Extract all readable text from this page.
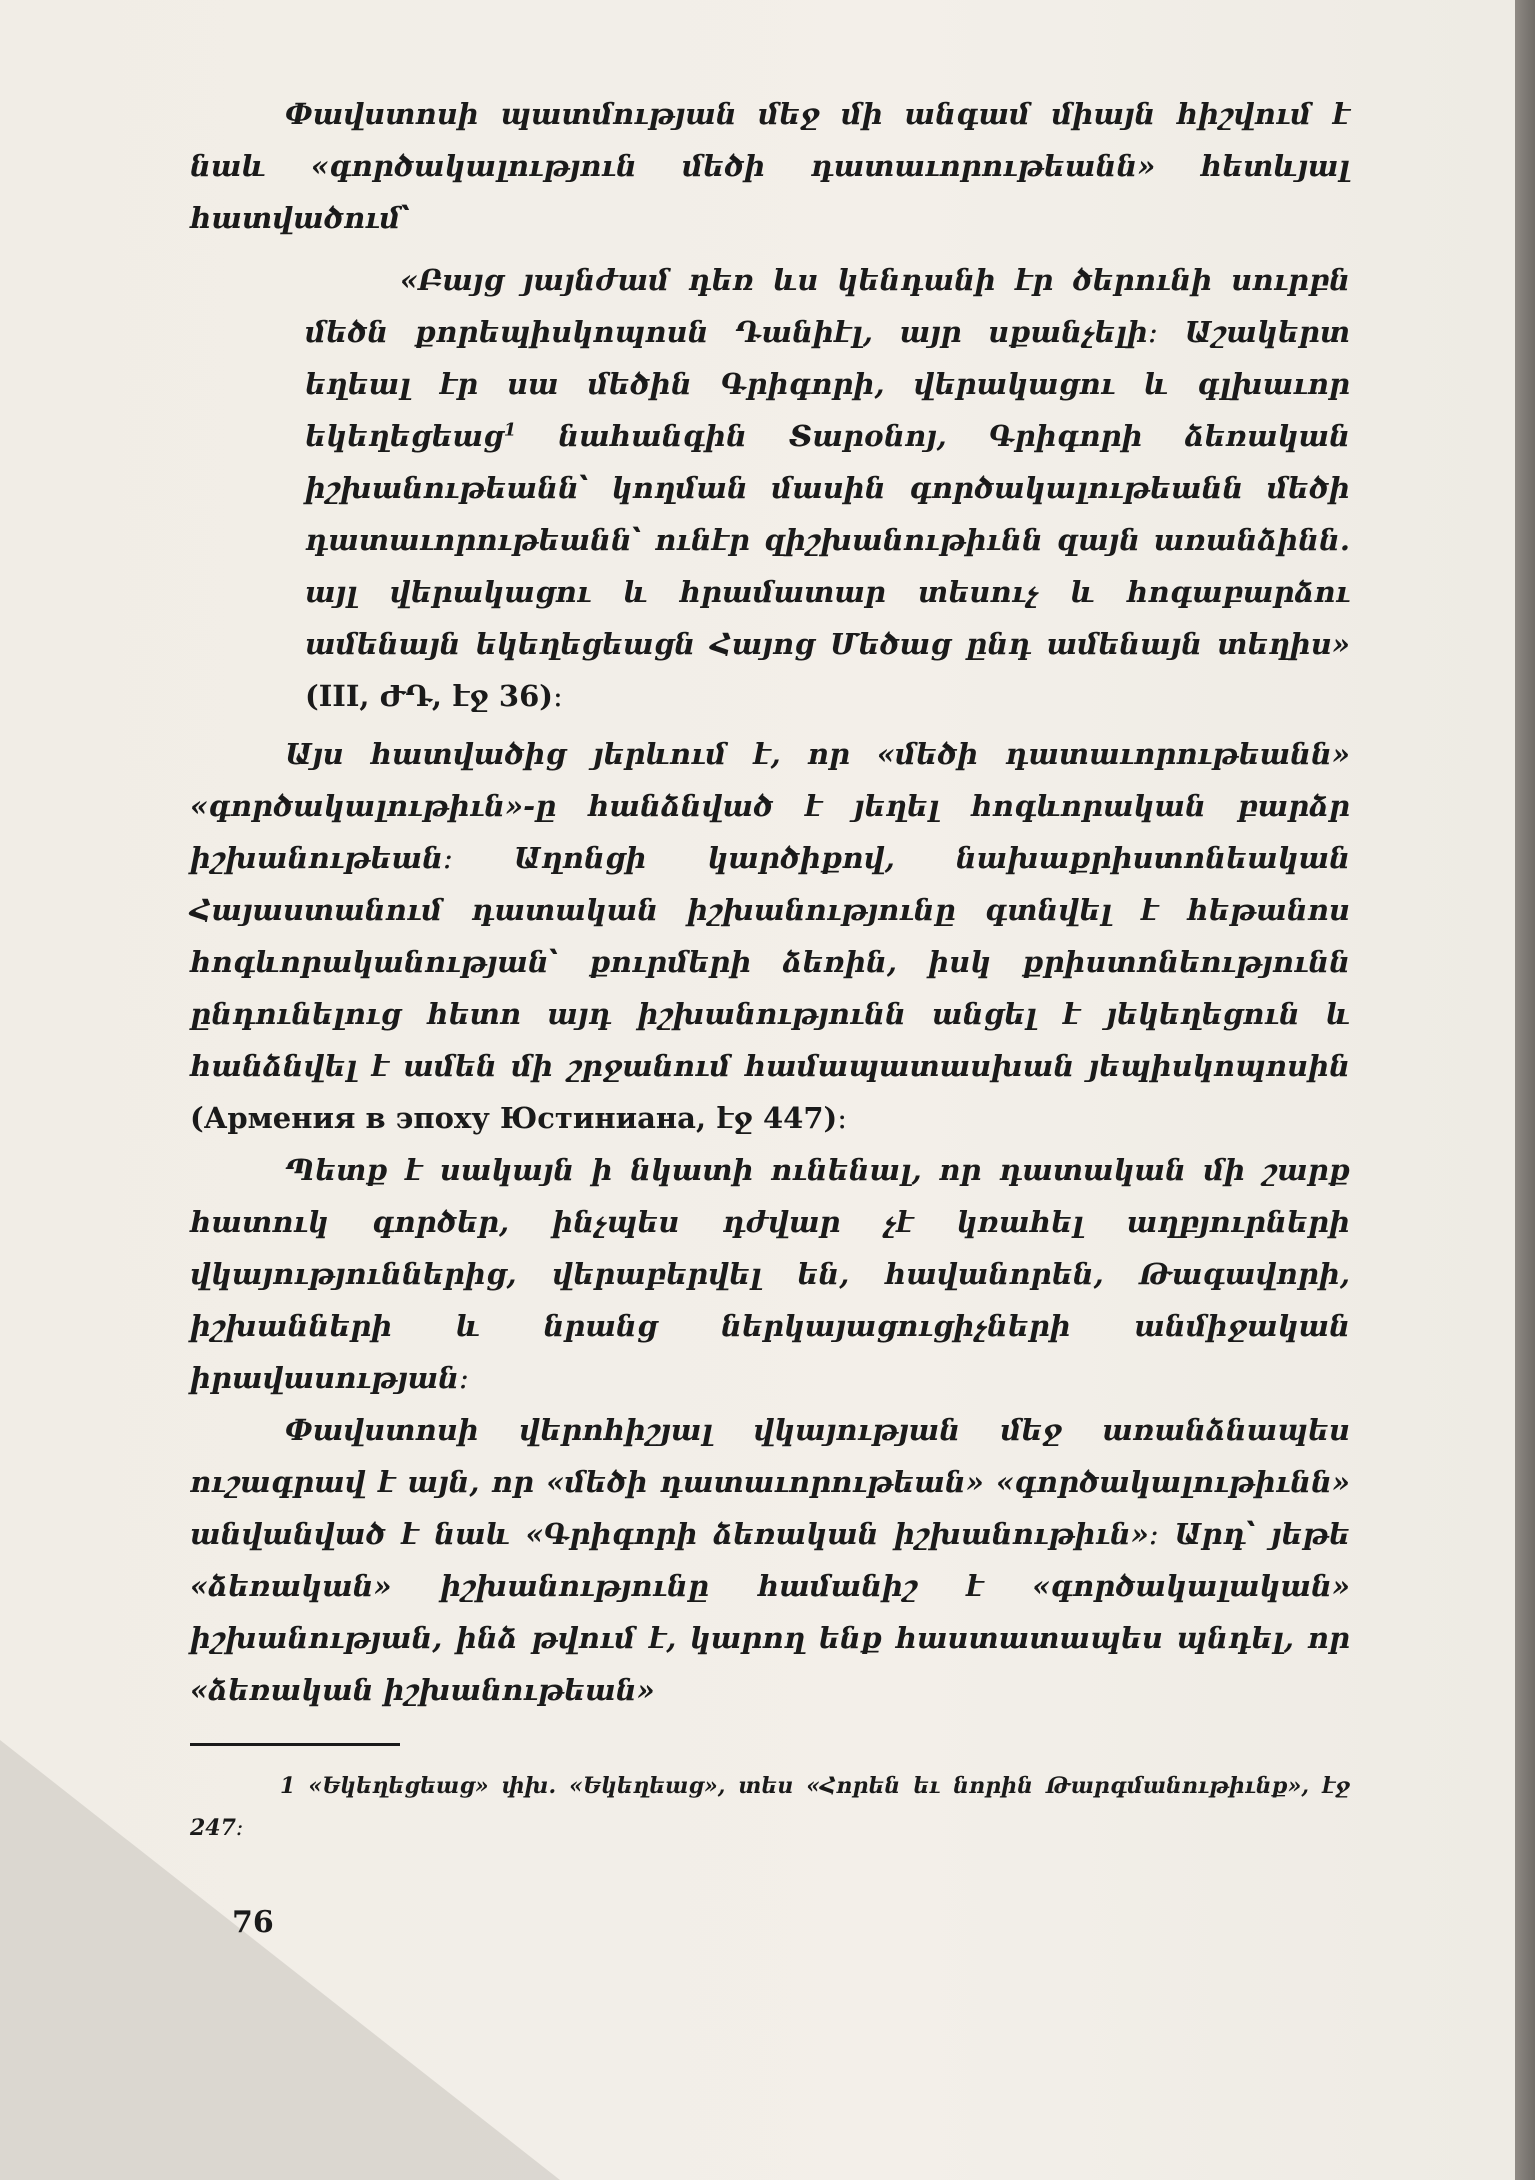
Փավստոսի պատմության մեջ մի անգամ միայն հիշվում է նաև «գործակալություն մեծի դատաւորութեանն» հետևյալ հատվածում՝

«Բայց յայնժամ դեռ ևս կենդանի էր ծերունի սուրբն մեծն քորեպիսկոպոսն Դանիէլ, այր սքանչելի։ Աշակերտ եղեալ էր սա մեծին Գրիգորի, վերակացու և գլխաւոր եկեղեցեաց$^1$ նահանգին Տարօնոյ, Գրիգորի ձեռական իշխանութեանն՝ կողման մասին գործակալութեանն մեծի դատաւորութեանն՝ ունէր զիշխանութիւնն զայն առանձինն. այլ վերակացու և հրամատար տեսուչ և հոգաբարձու ամենայն եկեղեցեացն Հայոց Մեծաց ընդ ամենայն տեղիս» (III, ԺԴ, էջ 36)։

Այս հատվածից յերևում է, որ «մեծի դատաւորութեանն» «գործակալութիւն»-ը հանձնված է յեղել հոգևորական բարձր իշխանութեան։ Աղոնցի կարծիքով, նախաքրիստոնեական Հայաստանում դատական իշխանությունը գտնվել է հեթանոս հոգևորականության՝ քուրմերի ձեռին, իսկ քրիստոնեությունն ընդունելուց հետո այդ իշխանությունն անցել է յեկեղեցուն և հանձնվել է ամեն մի շրջանում համապատասխան յեպիսկոպոսին (Армения в эпоху Юстиниана, էջ 447)։

Պետք է սակայն ի նկատի ունենալ, որ դատական մի շարք հատուկ գործեր, ինչպես դժվար չէ կռահել աղբյուրների վկայություններից, վերաբերվել են, հավանորեն, Թագավորի, իշխանների և նրանց ներկայացուցիչների անմիջական իրավասության։

Փավստոսի վերոհիշյալ վկայության մեջ առանձնապես ուշագրավ է այն, որ «մեծի դատաւորութեան» «գործակալութիւնն» անվանված է նաև «Գրիգորի ձեռական իշխանութիւն»։ Արդ՝ յեթե «ձեռական» իշխանությունը համանիշ է «գործակալական» իշխանության, ինձ թվում է, կարող ենք հաստատապես պնդել, որ «ձեռական իշխանութեան»

1 «Եկեղեցեաց» փխ. «Եկեղեաց», տես «Հորեն եւ նորին Թարգմանութիւնք», էջ 247։
76
